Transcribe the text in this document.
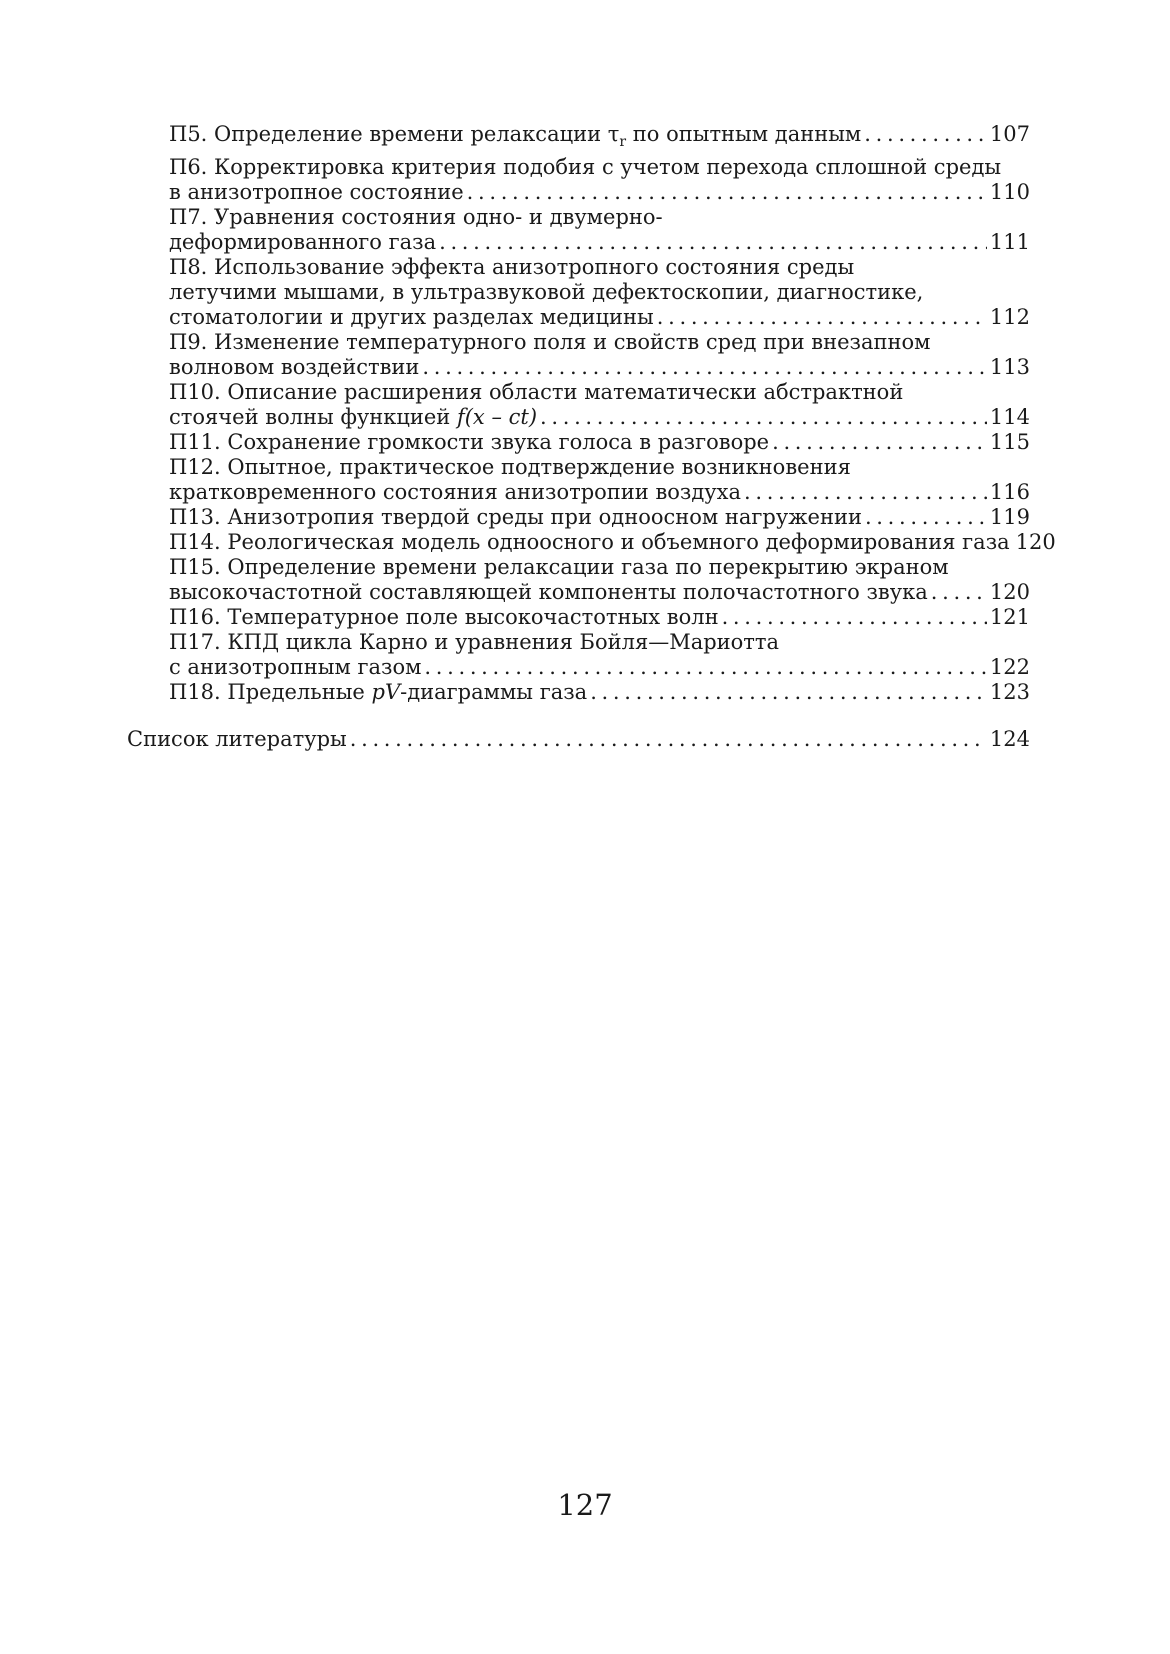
П5. Определение времени релаксации $\tau_r$ по опытным данным . . .	107
П6. Корректировка критерия подобия с учетом перехода сплошной среды
в анизотропное состояние . . .	110
П7. Уравнения состояния одно- и двумерно-
деформированного газа . . .	111
П8. Использование эффекта анизотропного состояния среды
летучими мышами, в ультразвуковой дефектоскопии, диагностике,
стоматологии и других разделах медицины . . .	112
П9. Изменение температурного поля и свойств сред при внезапном
волновом воздействии . . .	113
П10. Описание расширения области математически абстрактной
стоячей волны функцией f(x – ct) . . .	114
П11. Сохранение громкости звука голоса в разговоре . . .	115
П12. Опытное, практическое подтверждение возникновения
кратковременного состояния анизотропии воздуха . . .	116
П13. Анизотропия твердой среды при одноосном нагружении . . .	119
П14. Реологическая модель одноосного и объемного деформирования газа 120
П15. Определение времени релаксации газа по перекрытию экраном
высокочастотной составляющей компоненты полочастотного звука . . .	120
П16. Температурное поле высокочастотных волн . . .	121
П17. КПД цикла Карно и уравнения Бойля—Мариотта
с анизотропным газом . . .	122
П18. Предельные pV-диаграммы газа . . .	123
Список литературы . . .	124
127
